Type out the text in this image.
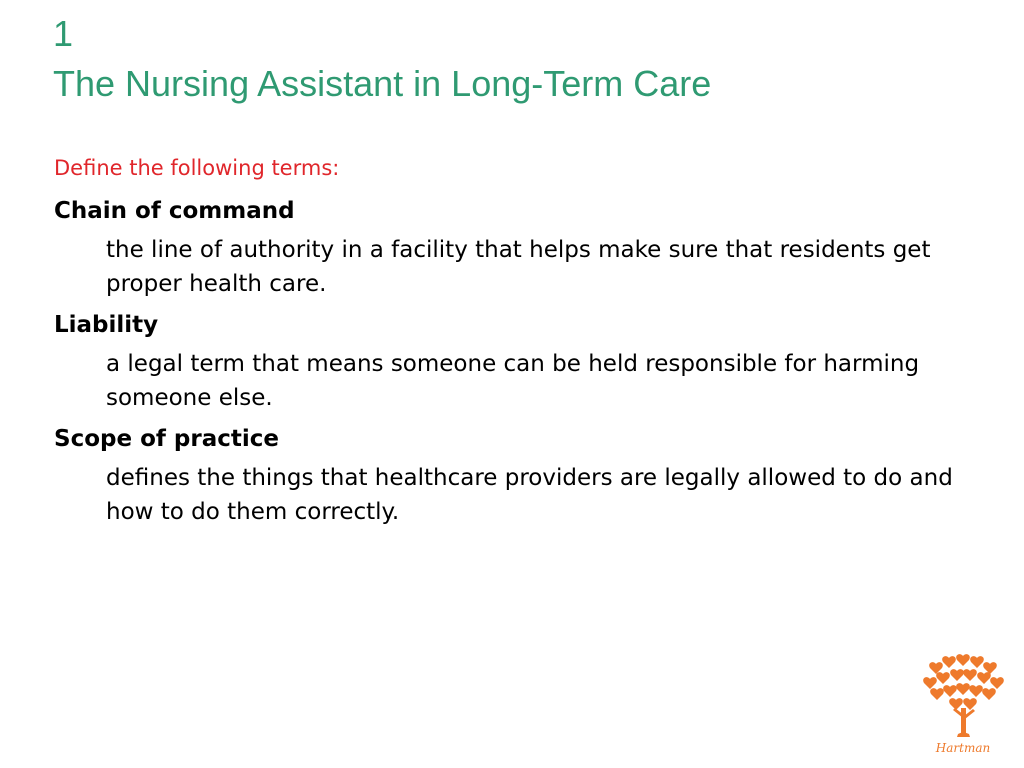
1
The Nursing Assistant in Long-Term Care
Define the following terms:
Chain of command
the line of authority in a facility that helps make sure that residents get proper health care.
Liability
a legal term that means someone can be held responsible for harming someone else.
Scope of practice
defines the things that healthcare providers are legally allowed to do and how to do them correctly.
Hartman
